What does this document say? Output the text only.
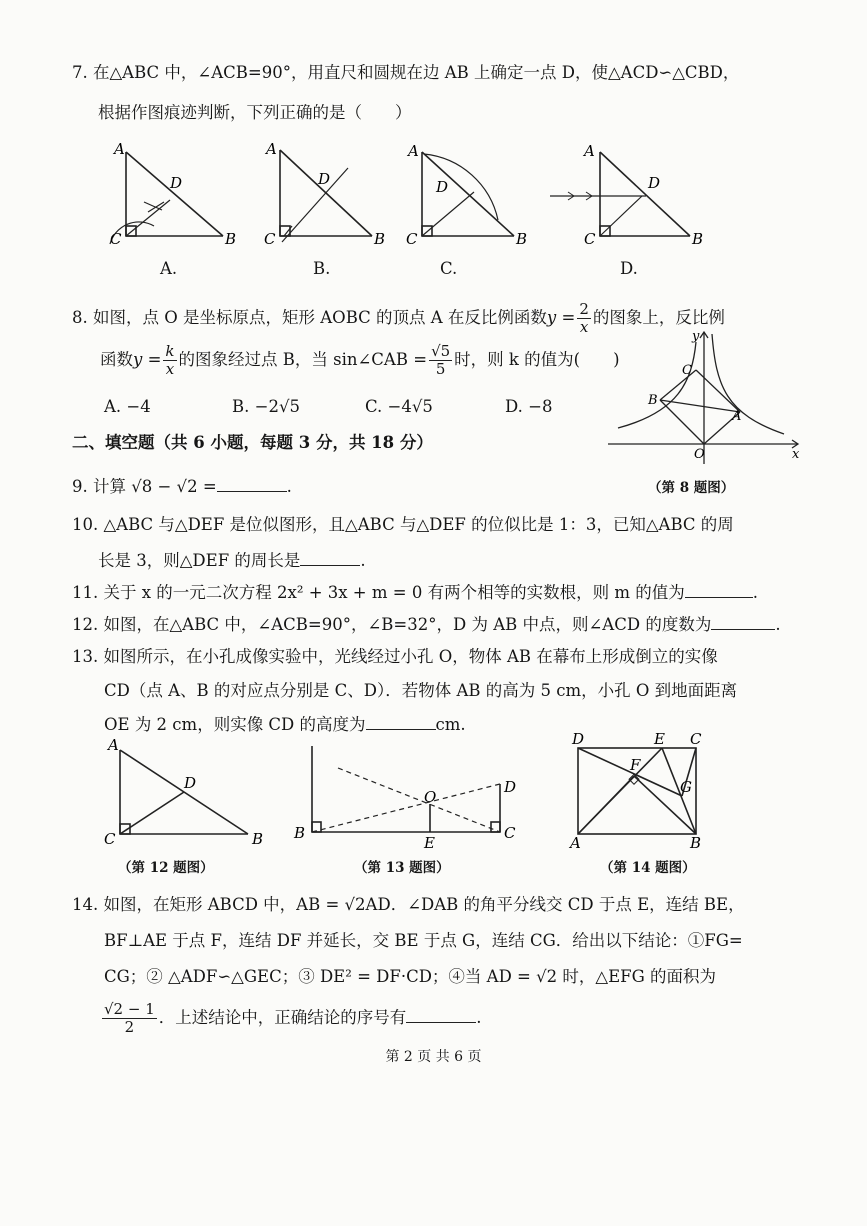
7. 在△ABC 中，∠ACB=90°，用直尺和圆规在边 AB 上确定一点 D，使△ACD∽△CBD，
根据作图痕迹判断，下列正确的是（　　）
A
D
C	B
A.
A
D
C	B
B.
A
D
C	B
C.
A
D
C	B
D.
8. 如图，点 O 是坐标原点，矩形 AOBC 的顶点 A 在反比例函数$y = \frac{2}{x}$ 的图象上，反比例
函数$y = \frac{k}{x}$ 的图象经过点 B，当 sin∠CAB = $\frac{√5}{5}$ 时，则 k 的值为(　　)
A. −4	B. −2√5	C. −4√5	D. −8
y
x
O
A
B
C
（第 8 题图）
二、填空题（共 6 小题，每题 3 分，共 18 分）
9. 计算 √8 − √2 =	.
10. △ABC 与△DEF 是位似图形，且△ABC 与△DEF 的位似比是 1：3，已知△ABC 的周
长是 3，则△DEF 的周长是	.
11. 关于 x 的一元二次方程 2x² + 3x + m = 0 有两个相等的实数根，则 m 的值为	.
12. 如图，在△ABC 中，∠ACB=90°，∠B=32°，D 为 AB 中点，则∠ACD 的度数为	.
13. 如图所示，在小孔成像实验中，光线经过小孔 O，物体 AB 在幕布上形成倒立的实像
CD（点 A、B 的对应点分别是 C、D）．若物体 AB 的高为 5 cm，小孔 O 到地面距离
OE 为 2 cm，则实像 CD 的高度为	cm.
A
D
C	B
（第 12 题图）
B	C
D
O
E
（第 13 题图）
D	E C
F
G
A	B
（第 14 题图）
14. 如图，在矩形 ABCD 中，AB = √2AD．∠DAB 的角平分线交 CD 于点 E，连结 BE，
BF⊥AE 于点 F，连结 DF 并延长，交 BE 于点 G，连结 CG．给出以下结论：①FG=
CG；② △ADF∽△GEC；③ DE² = DF·CD；④当 AD = √2 时，△EFG 的面积为
$\frac{√2 - 1}{2}$ ．上述结论中，正确结论的序号有	.
第 2 页 共 6 页
